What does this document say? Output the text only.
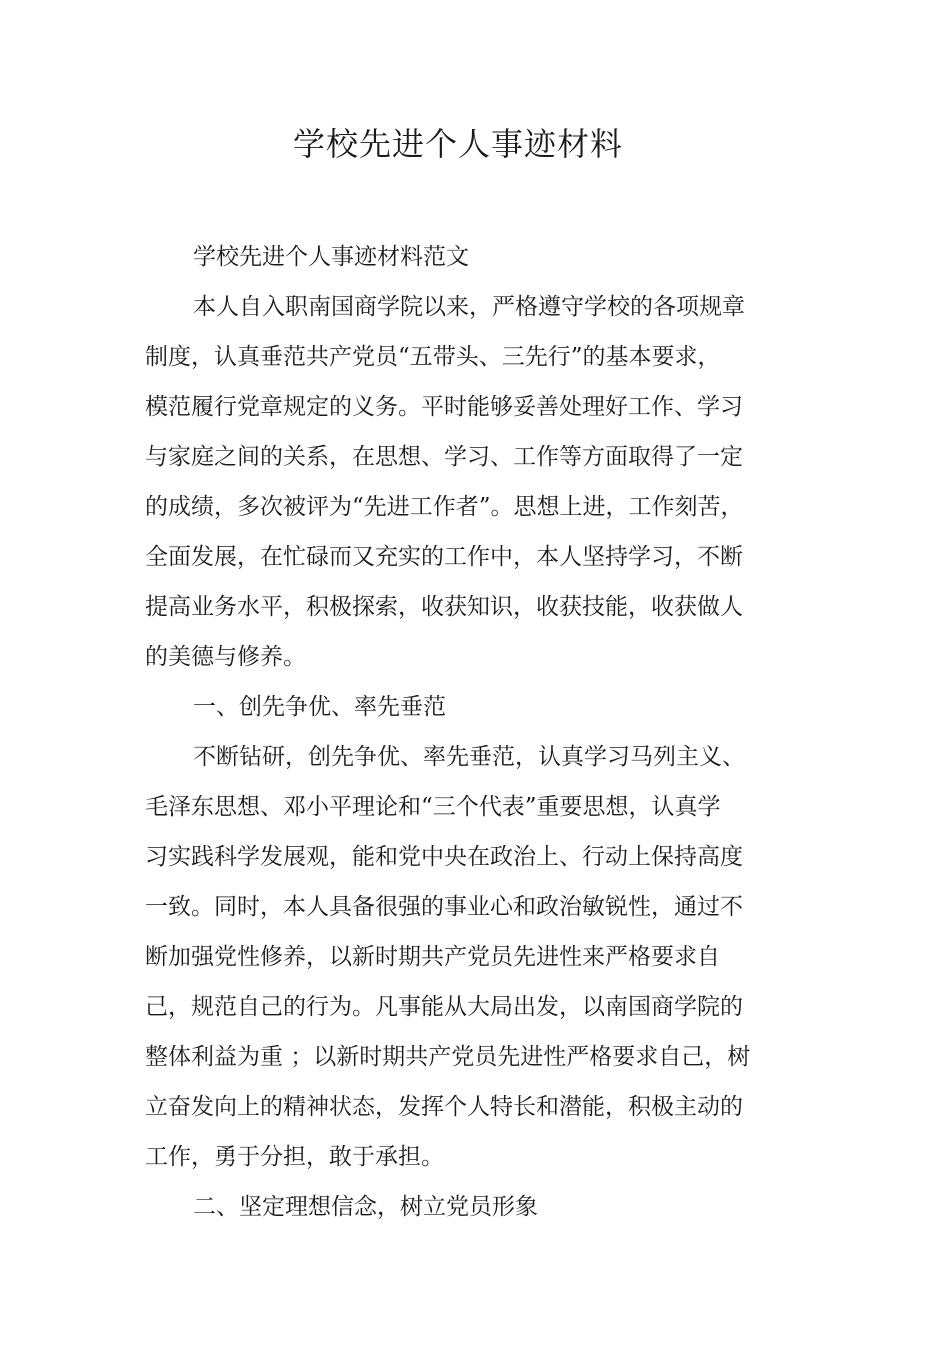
学校先进个人事迹材料

学校先进个人事迹材料范文

本人自入职南国商学院以来，严格遵守学校的各项规章

制度，认真垂范共产党员“五带头、三先行”的基本要求，

模范履行党章规定的义务。平时能够妥善处理好工作、学习

与家庭之间的关系，在思想、学习、工作等方面取得了一定

的成绩，多次被评为“先进工作者”。思想上进，工作刻苦，

全面发展，在忙碌而又充实的工作中，本人坚持学习，不断

提高业务水平，积极探索，收获知识，收获技能，收获做人

的美德与修养。

一、创先争优、率先垂范

不断钻研，创先争优、率先垂范，认真学习马列主义、

毛泽东思想、邓小平理论和“三个代表”重要思想，认真学

习实践科学发展观，能和党中央在政治上、行动上保持高度

一致。同时，本人具备很强的事业心和政治敏锐性，通过不

断加强党性修养，以新时期共产党员先进性来严格要求自

己，规范自己的行为。凡事能从大局出发，以南国商学院的

整体利益为重 ；以新时期共产党员先进性严格要求自己，树

立奋发向上的精神状态，发挥个人特长和潜能，积极主动的

工作，勇于分担，敢于承担。

二、坚定理想信念，树立党员形象
